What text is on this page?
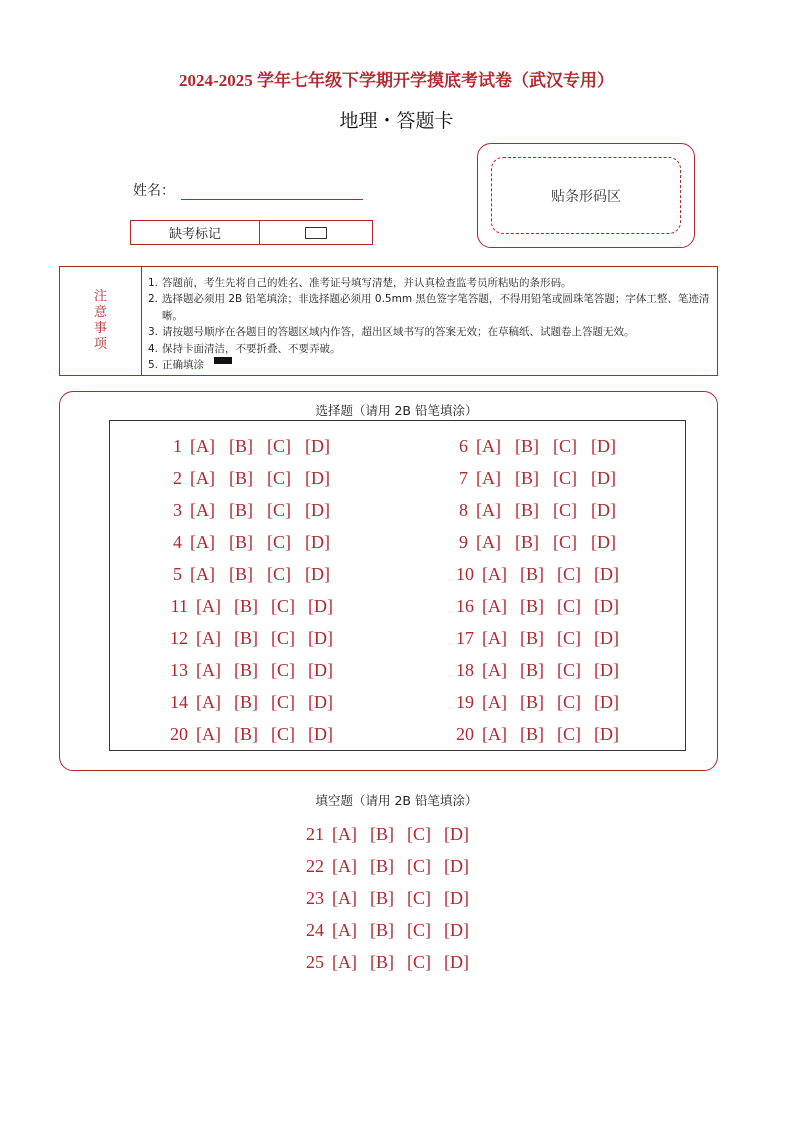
2024-2025 学年七年级下学期开学摸底考试卷（武汉专用）
地理・答题卡
姓名：
缺考标记
贴条形码区
注
意
事
项
1. 答题前，考生先将自己的姓名、准考证号填写清楚，并认真检查监考员所粘贴的条形码。
2. 选择题必须用 2B 铅笔填涂；非选择题必须用 0.5mm 黑色签字笔答题，不得用铅笔或圆珠笔答题；字体工整、笔迹清晰。
3. 请按题号顺序在各题目的答题区域内作答，超出区域书写的答案无效；在草稿纸、试题卷上答题无效。
4. 保持卡面清洁，不要折叠、不要弄破。
5. 正确填涂
选择题（请用 2B 铅笔填涂）
1 [A] [B] [C] [D]
2 [A] [B] [C] [D]
3 [A] [B] [C] [D]
4 [A] [B] [C] [D]
5 [A] [B] [C] [D]
11 [A] [B] [C] [D]
12 [A] [B] [C] [D]
13 [A] [B] [C] [D]
14 [A] [B] [C] [D]
20 [A] [B] [C] [D]
6 [A] [B] [C] [D]
7 [A] [B] [C] [D]
8 [A] [B] [C] [D]
9 [A] [B] [C] [D]
10 [A] [B] [C] [D]
16 [A] [B] [C] [D]
17 [A] [B] [C] [D]
18 [A] [B] [C] [D]
19 [A] [B] [C] [D]
20 [A] [B] [C] [D]
填空题（请用 2B 铅笔填涂）
21 [A] [B] [C] [D]
22 [A] [B] [C] [D]
23 [A] [B] [C] [D]
24 [A] [B] [C] [D]
25 [A] [B] [C] [D]
